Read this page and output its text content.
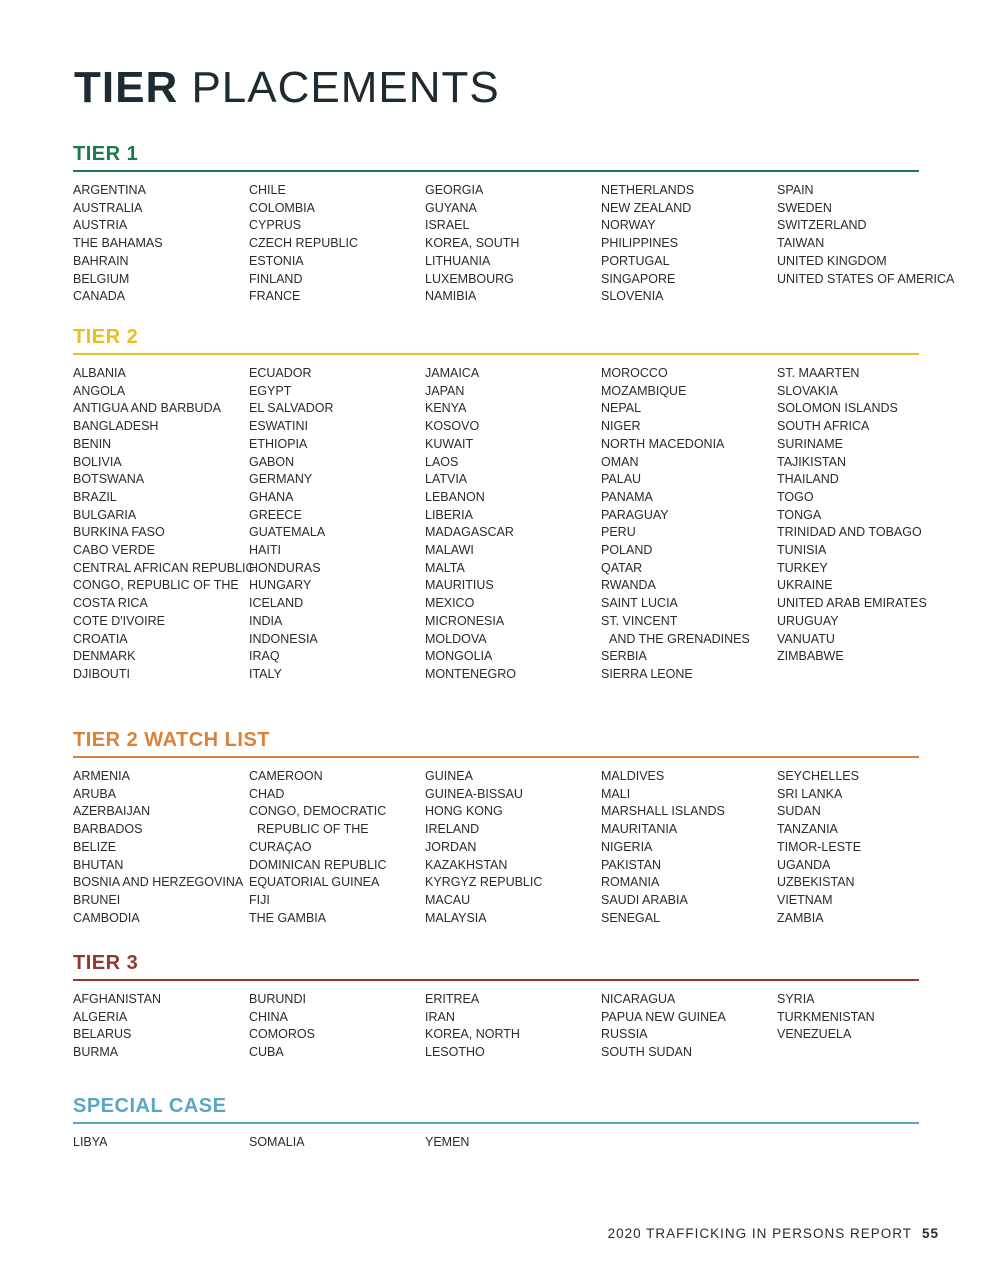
TIER PLACEMENTS
TIER 1
ARGENTINA
AUSTRALIA
AUSTRIA
THE BAHAMAS
BAHRAIN
BELGIUM
CANADA
CHILE
COLOMBIA
CYPRUS
CZECH REPUBLIC
ESTONIA
FINLAND
FRANCE
GEORGIA
GUYANA
ISRAEL
KOREA, SOUTH
LITHUANIA
LUXEMBOURG
NAMIBIA
NETHERLANDS
NEW ZEALAND
NORWAY
PHILIPPINES
PORTUGAL
SINGAPORE
SLOVENIA
SPAIN
SWEDEN
SWITZERLAND
TAIWAN
UNITED KINGDOM
UNITED STATES OF AMERICA
TIER 2
ALBANIA
ANGOLA
ANTIGUA AND BARBUDA
BANGLADESH
BENIN
BOLIVIA
BOTSWANA
BRAZIL
BULGARIA
BURKINA FASO
CABO VERDE
CENTRAL AFRICAN REPUBLIC
CONGO, REPUBLIC OF THE
COSTA RICA
COTE D'IVOIRE
CROATIA
DENMARK
DJIBOUTI
ECUADOR
EGYPT
EL SALVADOR
ESWATINI
ETHIOPIA
GABON
GERMANY
GHANA
GREECE
GUATEMALA
HAITI
HONDURAS
HUNGARY
ICELAND
INDIA
INDONESIA
IRAQ
ITALY
JAMAICA
JAPAN
KENYA
KOSOVO
KUWAIT
LAOS
LATVIA
LEBANON
LIBERIA
MADAGASCAR
MALAWI
MALTA
MAURITIUS
MEXICO
MICRONESIA
MOLDOVA
MONGOLIA
MONTENEGRO
MOROCCO
MOZAMBIQUE
NEPAL
NIGER
NORTH MACEDONIA
OMAN
PALAU
PANAMA
PARAGUAY
PERU
POLAND
QATAR
RWANDA
SAINT LUCIA
ST. VINCENT
AND THE GRENADINES
SERBIA
SIERRA LEONE
ST. MAARTEN
SLOVAKIA
SOLOMON ISLANDS
SOUTH AFRICA
SURINAME
TAJIKISTAN
THAILAND
TOGO
TONGA
TRINIDAD AND TOBAGO
TUNISIA
TURKEY
UKRAINE
UNITED ARAB EMIRATES
URUGUAY
VANUATU
ZIMBABWE
TIER 2 WATCH LIST
ARMENIA
ARUBA
AZERBAIJAN
BARBADOS
BELIZE
BHUTAN
BOSNIA AND HERZEGOVINA
BRUNEI
CAMBODIA
CAMEROON
CHAD
CONGO, DEMOCRATIC
REPUBLIC OF THE
CURAÇAO
DOMINICAN REPUBLIC
EQUATORIAL GUINEA
FIJI
THE GAMBIA
GUINEA
GUINEA-BISSAU
HONG KONG
IRELAND
JORDAN
KAZAKHSTAN
KYRGYZ REPUBLIC
MACAU
MALAYSIA
MALDIVES
MALI
MARSHALL ISLANDS
MAURITANIA
NIGERIA
PAKISTAN
ROMANIA
SAUDI ARABIA
SENEGAL
SEYCHELLES
SRI LANKA
SUDAN
TANZANIA
TIMOR-LESTE
UGANDA
UZBEKISTAN
VIETNAM
ZAMBIA
TIER 3
AFGHANISTAN
ALGERIA
BELARUS
BURMA
BURUNDI
CHINA
COMOROS
CUBA
ERITREA
IRAN
KOREA, NORTH
LESOTHO
NICARAGUA
PAPUA NEW GUINEA
RUSSIA
SOUTH SUDAN
SYRIA
TURKMENISTAN
VENEZUELA
SPECIAL CASE
LIBYA	SOMALIA	YEMEN
2020 TRAFFICKING IN PERSONS REPORT 55
